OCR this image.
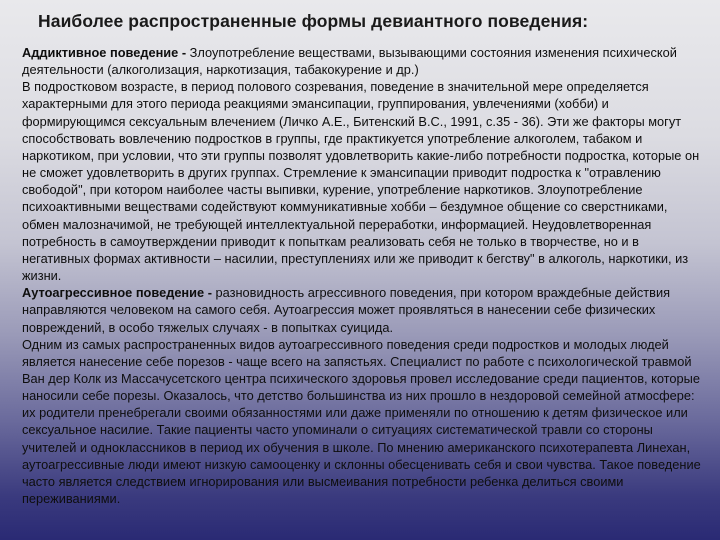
Наиболее распространенные формы девиантного поведения:

Аддиктивное поведение - Злоупотребление веществами, вызывающими состояния изменения психической деятельности (алкоголизация, наркотизация, табакокурение и др.)

В подростковом возрасте, в период полового созревания, поведение в значительной мере определяется характерными для этого периода реакциями эмансипации, группирования, увлечениями (хобби) и формирующимся сексуальным влечением (Личко А.Е., Битенский В.С., 1991, с.35 - 36). Эти же факторы могут способствовать вовлечению подростков в группы, где практикуется употребление алкоголем, табаком и наркотиком, при условии, что эти группы позволят удовлетворить какие-либо потребности подростка, которые он не сможет удовлетворить в других группах. Стремление к эмансипации приводит подростка к "отравлению свободой", при котором наиболее часты выпивки, курение, употребление наркотиков. Злоупотребление психоактивными веществами содействуют коммуникативные хобби – бездумное общение со сверстниками, обмен малозначимой, не требующей интеллектуальной переработки, информацией. Неудовлетворенная потребность в самоутверждении приводит к попыткам реализовать себя не только в творчестве, но и в негативных формах активности – насилии, преступлениях или же приводит к бегству" в алкоголь, наркотики, из жизни.

Аутоагрессивное поведение - разновидность агрессивного поведения, при котором враждебные действия направляются человеком на самого себя. Аутоагрессия может проявляться в нанесении себе физических повреждений, в особо тяжелых случаях - в попытках суицида.

Одним из самых распространенных видов аутоагрессивного поведения среди подростков и молодых людей является нанесение себе порезов - чаще всего на запястьях. Специалист по работе с психологической травмой Ван дер Колк из Массачусетского центра психического здоровья провел исследование среди пациентов, которые наносили себе порезы. Оказалось, что детство большинства из них прошло в нездоровой семейной атмосфере: их родители пренебрегали своими обязанностями или даже применяли по отношению к детям физическое или сексуальное насилие. Такие пациенты часто упоминали о ситуациях систематической травли со стороны учителей и одноклассников в период их обучения в школе. По мнению американского психотерапевта Линехан, аутоагрессивные люди имеют низкую самооценку и склонны обесценивать себя и свои чувства. Такое поведение часто является следствием игнорирования или высмеивания потребности ребенка делиться своими переживаниями.
